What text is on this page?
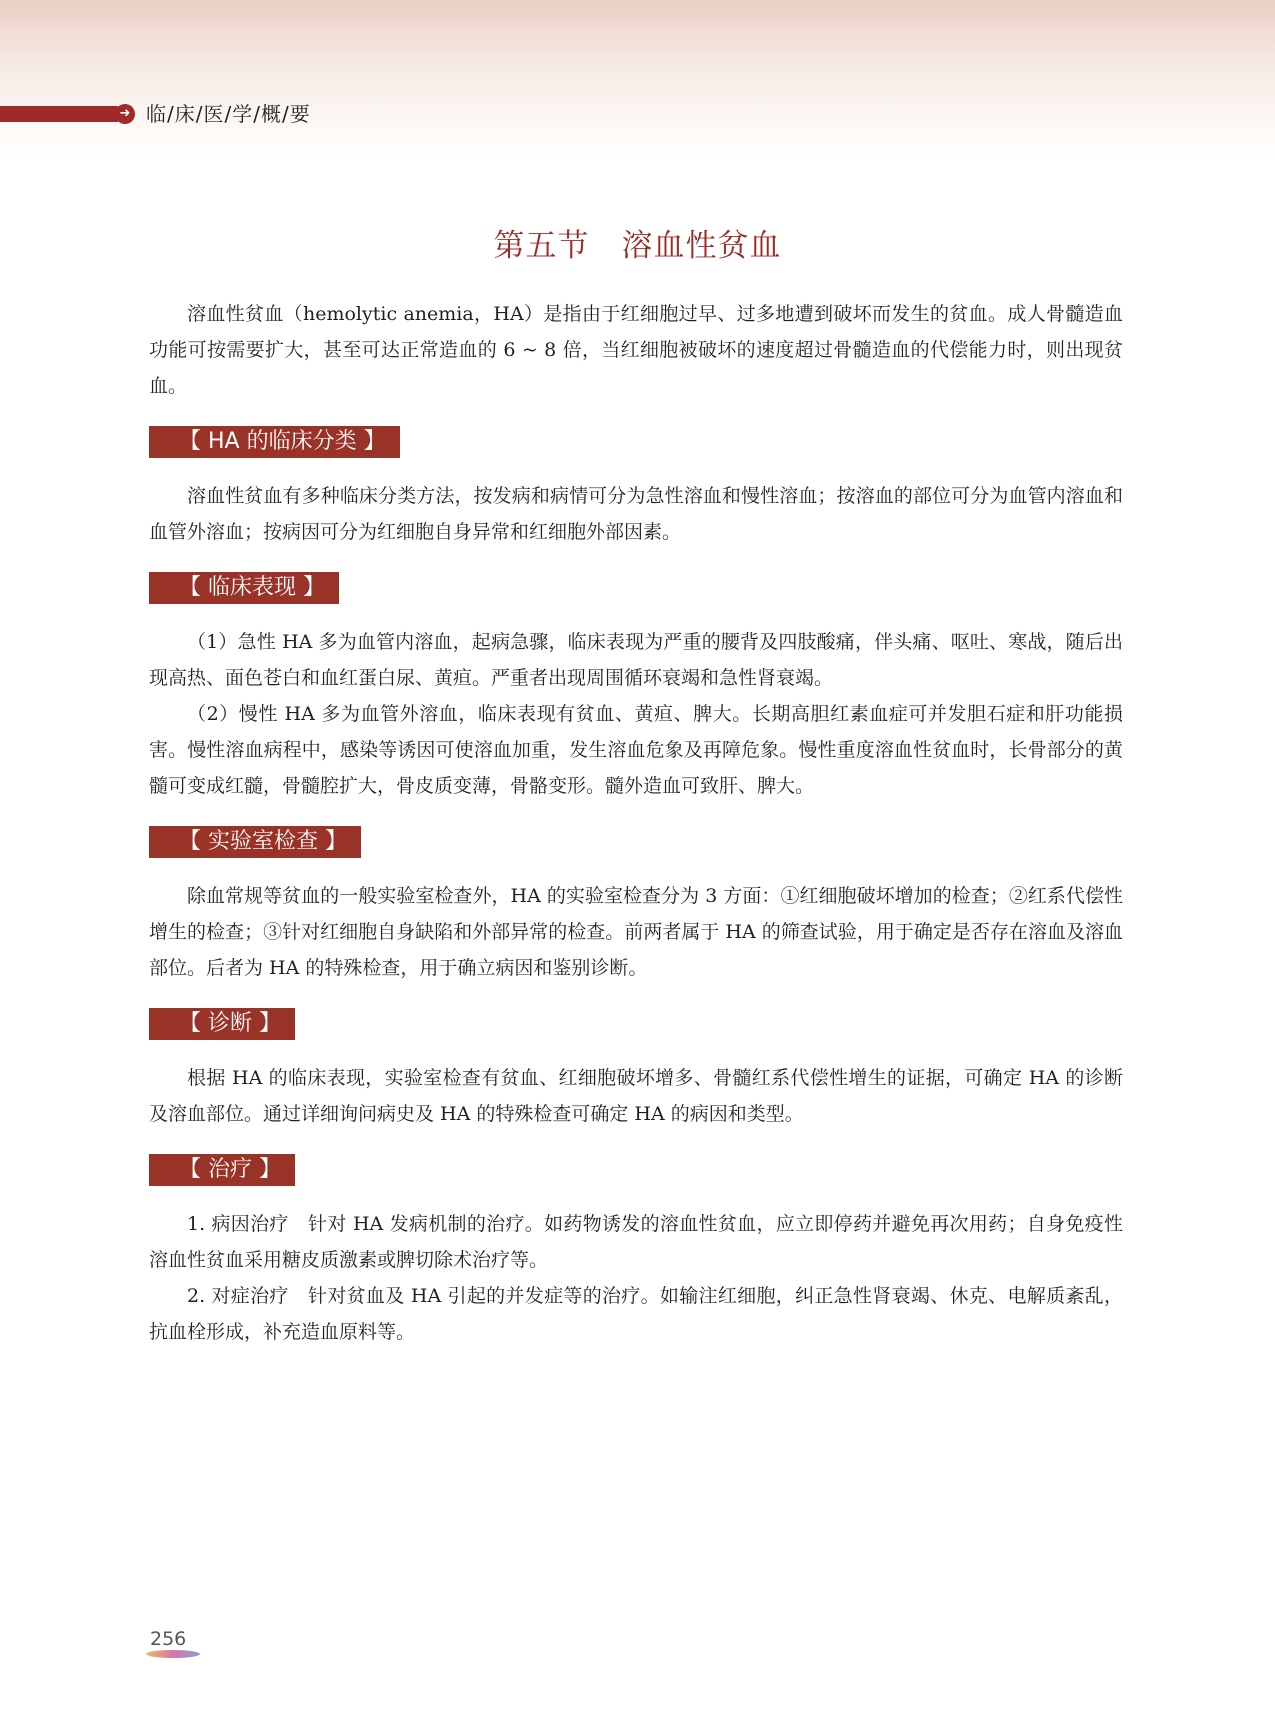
➜ 临/床/医/学/概/要
第五节　溶血性贫血

溶血性贫血（hemolytic anemia，HA）是指由于红细胞过早、过多地遭到破坏而发生的贫血。成人骨髓造血功能可按需要扩大，甚至可达正常造血的 6 ~ 8 倍，当红细胞被破坏的速度超过骨髓造血的代偿能力时，则出现贫血。

【 HA 的临床分类 】

溶血性贫血有多种临床分类方法，按发病和病情可分为急性溶血和慢性溶血；按溶血的部位可分为血管内溶血和血管外溶血；按病因可分为红细胞自身异常和红细胞外部因素。

【 临床表现 】

（1）急性 HA 多为血管内溶血，起病急骤，临床表现为严重的腰背及四肢酸痛，伴头痛、呕吐、寒战，随后出现高热、面色苍白和血红蛋白尿、黄疸。严重者出现周围循环衰竭和急性肾衰竭。

（2）慢性 HA 多为血管外溶血，临床表现有贫血、黄疸、脾大。长期高胆红素血症可并发胆石症和肝功能损害。慢性溶血病程中，感染等诱因可使溶血加重，发生溶血危象及再障危象。慢性重度溶血性贫血时，长骨部分的黄髓可变成红髓，骨髓腔扩大，骨皮质变薄，骨骼变形。髓外造血可致肝、脾大。

【 实验室检查 】

除血常规等贫血的一般实验室检查外，HA 的实验室检查分为 3 方面：①红细胞破坏增加的检查；②红系代偿性增生的检查；③针对红细胞自身缺陷和外部异常的检查。前两者属于 HA 的筛查试验，用于确定是否存在溶血及溶血部位。后者为 HA 的特殊检查，用于确立病因和鉴别诊断。

【 诊断 】

根据 HA 的临床表现，实验室检查有贫血、红细胞破坏增多、骨髓红系代偿性增生的证据，可确定 HA 的诊断及溶血部位。通过详细询问病史及 HA 的特殊检查可确定 HA 的病因和类型。

【 治疗 】

1. 病因治疗　针对 HA 发病机制的治疗。如药物诱发的溶血性贫血，应立即停药并避免再次用药；自身免疫性溶血性贫血采用糖皮质激素或脾切除术治疗等。

2. 对症治疗　针对贫血及 HA 引起的并发症等的治疗。如输注红细胞，纠正急性肾衰竭、休克、电解质紊乱，抗血栓形成，补充造血原料等。

256
